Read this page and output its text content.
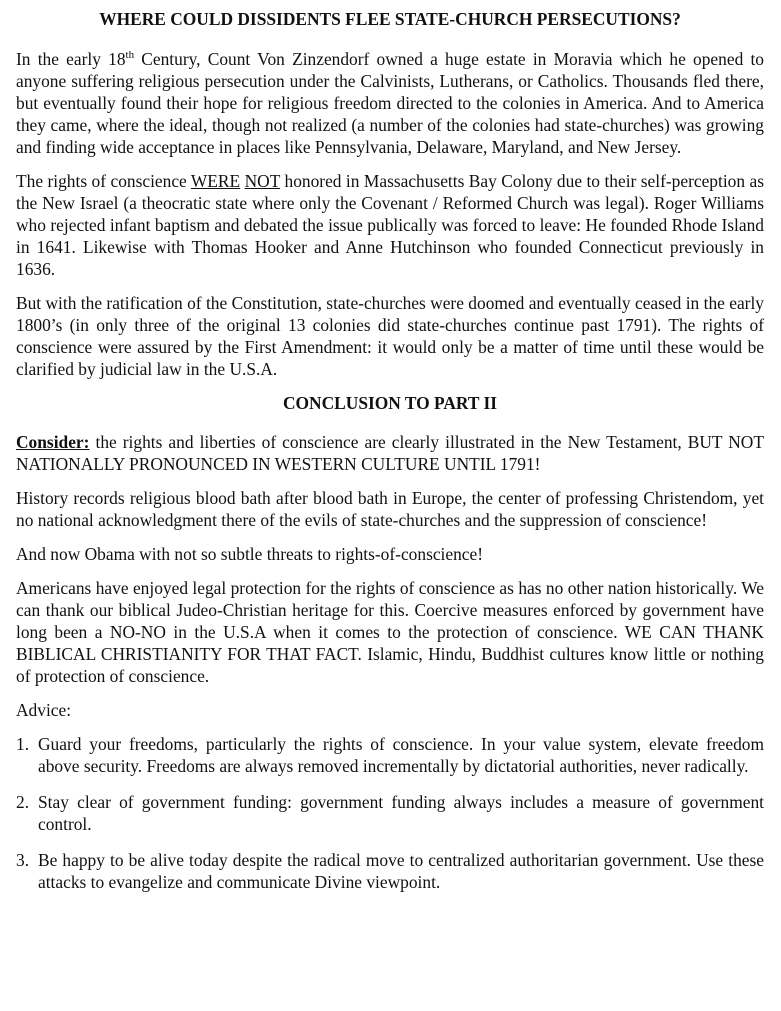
WHERE COULD DISSIDENTS FLEE STATE-CHURCH PERSECUTIONS?

In the early 18th Century, Count Von Zinzendorf owned a huge estate in Moravia which he opened to anyone suffering religious persecution under the Calvinists, Lutherans, or Catholics. Thousands fled there, but eventually found their hope for religious freedom directed to the colonies in America. And to America they came, where the ideal, though not realized (a number of the colonies had state-churches) was growing and finding wide acceptance in places like Pennsylvania, Delaware, Maryland, and New Jersey.

The rights of conscience WERE NOT honored in Massachusetts Bay Colony due to their self-perception as the New Israel (a theocratic state where only the Covenant / Reformed Church was legal). Roger Williams who rejected infant baptism and debated the issue publically was forced to leave: He founded Rhode Island in 1641. Likewise with Thomas Hooker and Anne Hutchinson who founded Connecticut previously in 1636.

But with the ratification of the Constitution, state-churches were doomed and eventually ceased in the early 1800’s (in only three of the original 13 colonies did state-churches continue past 1791). The rights of conscience were assured by the First Amendment: it would only be a matter of time until these would be clarified by judicial law in the U.S.A.

CONCLUSION TO PART II

Consider: the rights and liberties of conscience are clearly illustrated in the New Testament, BUT NOT NATIONALLY PRONOUNCED IN WESTERN CULTURE UNTIL 1791!

History records religious blood bath after blood bath in Europe, the center of professing Christendom, yet no national acknowledgment there of the evils of state-churches and the suppression of conscience!

And now Obama with not so subtle threats to rights-of-conscience!

Americans have enjoyed legal protection for the rights of conscience as has no other nation historically. We can thank our biblical Judeo-Christian heritage for this. Coercive measures enforced by government have long been a NO-NO in the U.S.A when it comes to the protection of conscience. WE CAN THANK BIBLICAL CHRISTIANITY FOR THAT FACT. Islamic, Hindu, Buddhist cultures know little or nothing of protection of conscience.

Advice:

1. Guard your freedoms, particularly the rights of conscience. In your value system, elevate freedom above security. Freedoms are always removed incrementally by dictatorial authorities, never radically.
2. Stay clear of government funding: government funding always includes a measure of government control.
3. Be happy to be alive today despite the radical move to centralized authoritarian government. Use these attacks to evangelize and communicate Divine viewpoint.
